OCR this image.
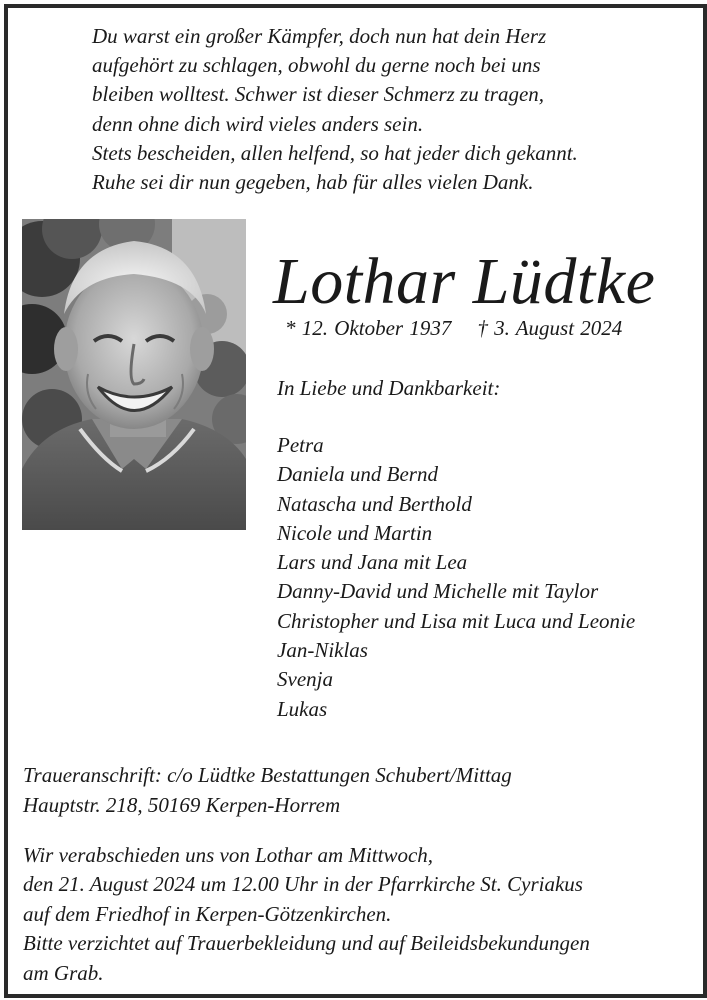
Du warst ein großer Kämpfer, doch nun hat dein Herz
aufgehört zu schlagen, obwohl du gerne noch bei uns
bleiben wolltest. Schwer ist dieser Schmerz zu tragen,
denn ohne dich wird vieles anders sein.
Stets bescheiden, allen helfend, so hat jeder dich gekannt.
Ruhe sei dir nun gegeben, hab für alles vielen Dank.
Lothar Lüdtke
* 12. Oktober 1937 † 3. August 2024
In Liebe und Dankbarkeit:
Petra
Daniela und Bernd
Natascha und Berthold
Nicole und Martin
Lars und Jana mit Lea
Danny-David und Michelle mit Taylor
Christopher und Lisa mit Luca und Leonie
Jan-Niklas
Svenja
Lukas
Traueranschrift: c/o Lüdtke Bestattungen Schubert/Mittag
Hauptstr. 218, 50169 Kerpen-Horrem
Wir verabschieden uns von Lothar am Mittwoch,
den 21. August 2024 um 12.00 Uhr in der Pfarrkirche St. Cyriakus
auf dem Friedhof in Kerpen-Götzenkirchen.
Bitte verzichtet auf Trauerbekleidung und auf Beileidsbekundungen
am Grab.
